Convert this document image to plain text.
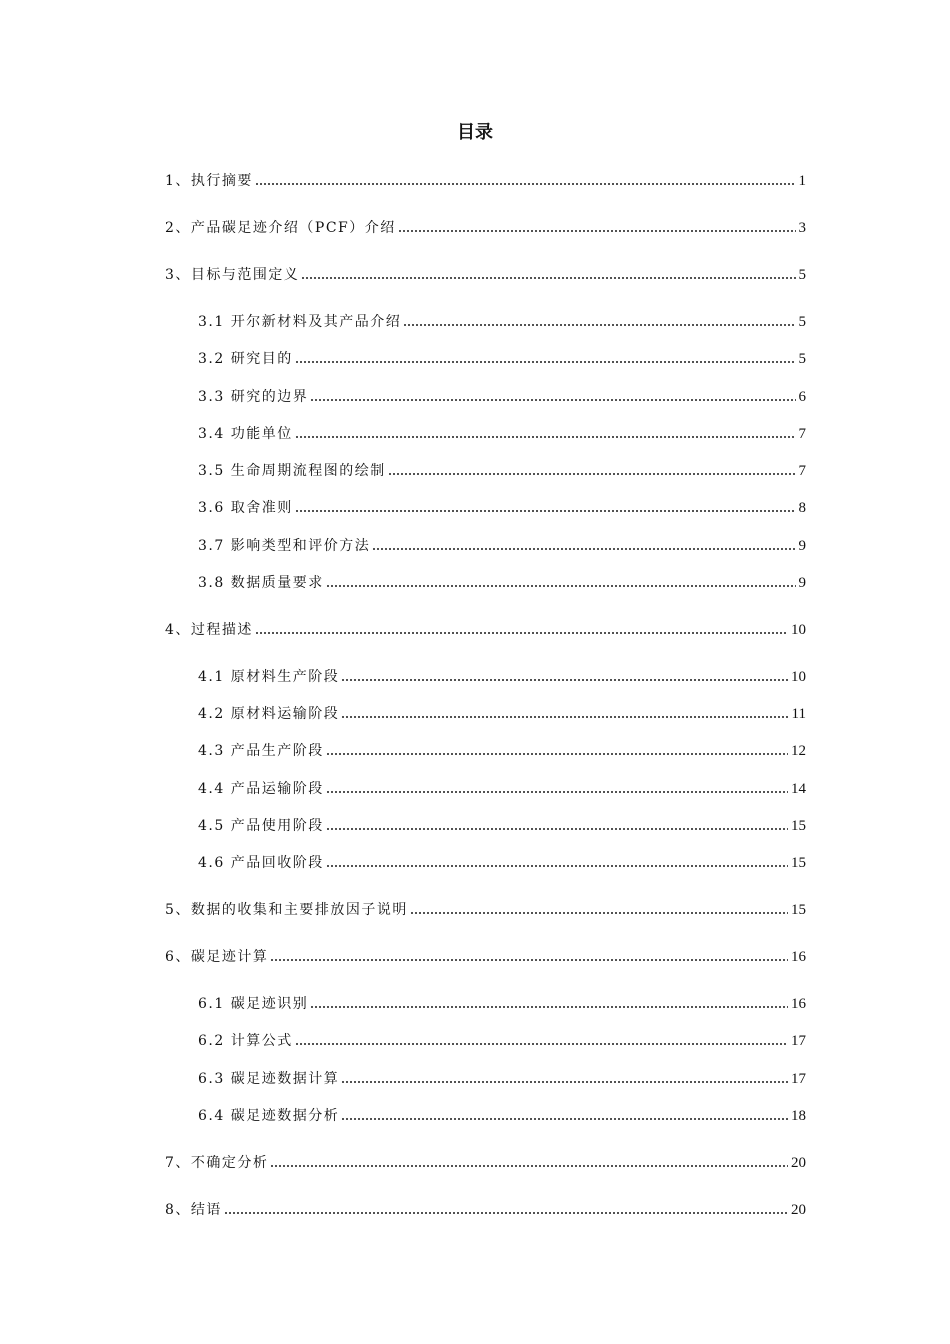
目录
1、执行摘要	1
2、产品碳足迹介绍（PCF）介绍	3
3、目标与范围定义	5
3.1 开尔新材料及其产品介绍	5
3.2 研究目的	5
3.3 研究的边界	6
3.4 功能单位	7
3.5 生命周期流程图的绘制	7
3.6 取舍准则	8
3.7 影响类型和评价方法	9
3.8 数据质量要求	9
4、过程描述	10
4.1 原材料生产阶段	10
4.2 原材料运输阶段	11
4.3 产品生产阶段	12
4.4 产品运输阶段	14
4.5 产品使用阶段	15
4.6 产品回收阶段	15
5、数据的收集和主要排放因子说明	15
6、碳足迹计算	16
6.1 碳足迹识别	16
6.2 计算公式	17
6.3 碳足迹数据计算	17
6.4 碳足迹数据分析	18
7、不确定分析	20
8、结语	20
